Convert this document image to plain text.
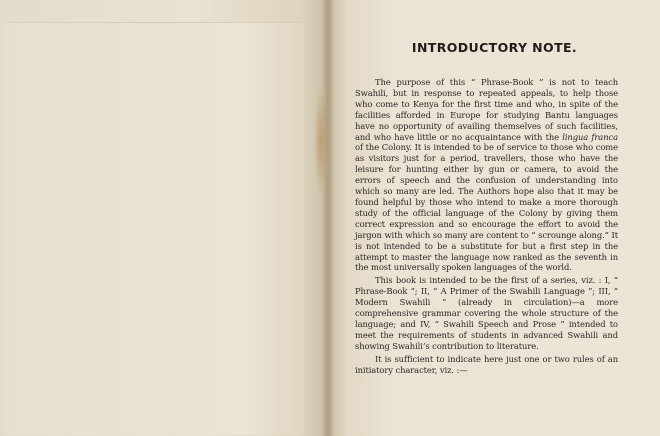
INTRODUCTORY NOTE.

The purpose of this “ Phrase-Book ” is not to teach Swahili, but in response to repeated appeals, to help those who come to Kenya for the first time and who, in spite of the facilities afforded in Europe for studying Bantu languages have no opportunity of availing themselves of such facilities, and who have little or no acquaintance with the lingua franca of the Colony. It is intended to be of service to those who come as visitors just for a period, travellers, those who have the leisure for hunting either by gun or camera, to avoid the errors of speech and the confusion of understanding into which so many are led. The Authors hope also that it may be found helpful by those who intend to make a more thorough study of the official language of the Colony by giving them correct expression and so encourage the effort to avoid the jargon with which so many are content to “ scrounge along.” It is not intended to be a substitute for but a first step in the attempt to master the language now ranked as the seventh in the most universally spoken languages of the world.

This book is intended to be the first of a series, viz. : I, “ Phrase-Book ”; II, “ A Primer of the Swahili Language ”; III, “ Modern Swahili ” (already in circulation)—a more comprehensive grammar covering the whole structure of the language; and IV, “ Swahili Speech and Prose ” intended to meet the requirements of students in advanced Swahili and showing Swahili’s contribution to literature.

It is sufficient to indicate here just one or two rules of an initiatory character, viz. :—
